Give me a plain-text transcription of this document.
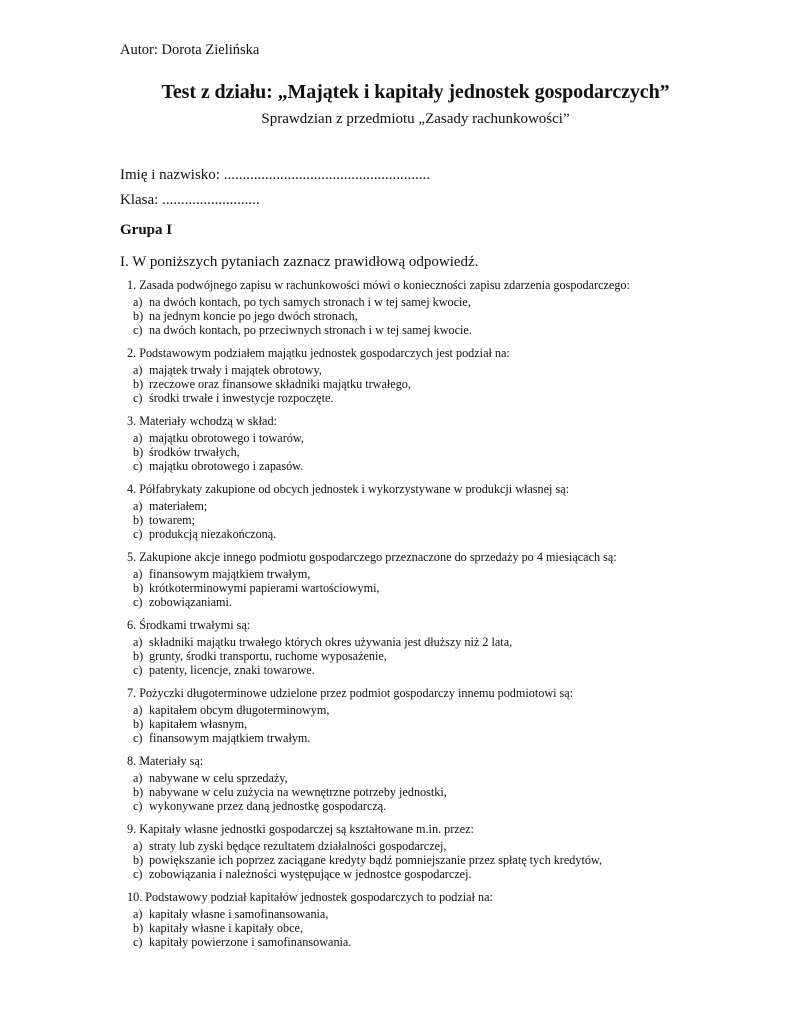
Autor: Dorota Zielińska
Test z działu: „Majątek i kapitały jednostek gospodarczych”
Sprawdzian z przedmiotu „Zasady rachunkowości”
Imię i nazwisko: .......................................................
Klasa: ..........................
Grupa I
I. W poniższych pytaniach zaznacz prawidłową odpowiedź.
1. Zasada podwójnego zapisu w rachunkowości mówi o konieczności zapisu zdarzenia gospodarczego:
a) na dwóch kontach, po tych samych stronach i w tej samej kwocie,
b) na jednym koncie po jego dwóch stronach,
c) na dwóch kontach, po przeciwnych stronach i w tej samej kwocie.
2. Podstawowym podziałem majątku jednostek gospodarczych jest podział na:
a) majątek trwały i majątek obrotowy,
b) rzeczowe oraz finansowe składniki majątku trwałego,
c) środki trwałe i inwestycje rozpoczęte.
3. Materiały wchodzą w skład:
a) majątku obrotowego i towarów,
b) środków trwałych,
c) majątku obrotowego i zapasów.
4. Półfabrykaty zakupione od obcych jednostek i wykorzystywane w produkcji własnej są:
a) materiałem;
b) towarem;
c) produkcją niezakończoną.
5. Zakupione akcje innego podmiotu gospodarczego przeznaczone do sprzedaży po 4 miesiącach są:
a) finansowym majątkiem trwałym,
b) krótkoterminowymi papierami wartościowymi,
c) zobowiązaniami.
6. Środkami trwałymi są:
a) składniki majątku trwałego których okres używania jest dłuższy niż 2 lata,
b) grunty, środki transportu, ruchome wyposażenie,
c) patenty, licencje, znaki towarowe.
7. Pożyczki długoterminowe udzielone przez podmiot gospodarczy innemu podmiotowi są:
a) kapitałem obcym długoterminowym,
b) kapitałem własnym,
c) finansowym majątkiem trwałym.
8. Materiały są:
a) nabywane w celu sprzedaży,
b) nabywane w celu zużycia na wewnętrzne potrzeby jednostki,
c) wykonywane przez daną jednostkę gospodarczą.
9. Kapitały własne jednostki gospodarczej są kształtowane m.in. przez:
a) straty lub zyski będące rezultatem działalności gospodarczej,
b) powiększanie ich poprzez zaciągane kredyty bądź pomniejszanie przez spłatę tych kredytów,
c) zobowiązania i należności występujące w jednostce gospodarczej.
10. Podstawowy podział kapitałów jednostek gospodarczych to podział na:
a) kapitały własne i samofinansowania,
b) kapitały własne i kapitały obce,
c) kapitały powierzone i samofinansowania.
